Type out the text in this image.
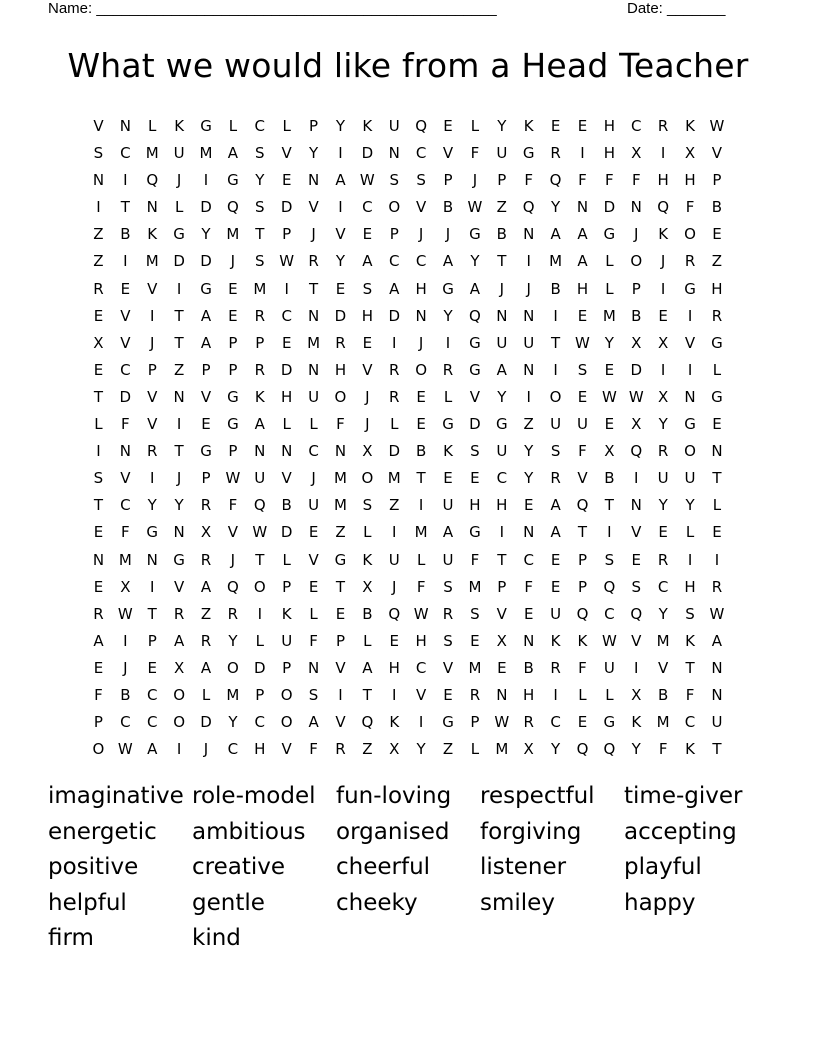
Name: ________________________________________________	Date: _______
What we would like from a Head Teacher
V	N	L	K	G	L	C	L	P	Y	K	U	Q	E	L	Y	K	E	E	H	C	R	K W
S	C	M U M	A	S	V	Y	I	D	N	C	V	F	U	G	R	I	H	X	I	X	V
N	I	Q	J	I	G	Y	E	N	A W S	S	P	J	P	F	Q	F	F	F	H	H	P
I	T	N	L	D	Q	S	D	V	I	C	O	V	B W Z	Q	Y	N	D	N	Q	F	B
Z	B	K	G	Y	M	T	P	J	V	E	P	J	J	G	B	N	A	A	G	J	K	O	E
Z	I	M D	D	J	S W R	Y	A	C	C	A	Y	T	I	M	A	L	O	J	R	Z
R	E	V	I	G	E	M	I	T	E	S	A	H	G	A	J	J	B	H	L	P	I	G	H
E	V	I	T	A	E	R	C	N	D	H	D	N	Y	Q	N	N	I	E	M	B	E	I	R
X	V	J	T	A	P	P	E	M	R	E	I	J	I	G	U	U	T W Y	X	X	V	G
E	C	P	Z	P	P	R	D	N	H	V	R	O	R	G	A	N	I	S	E	D	I	I	L
T	D	V	N	V	G	K	H	U	O	J	R	E	L	V	Y	I	O	E W W X	N	G
L	F	V	I	E	G	A	L	L	F	J	L	E	G	D	G	Z	U	U	E	X	Y	G	E
I	N	R	T	G	P	N	N	C	N	X	D	B	K	S	U	Y	S	F	X	Q	R	O	N
S	V	I	J	P W U	V	J	M O M	T	E	E	C	Y	R	V	B	I	U	U	T
T	C	Y	Y	R	F	Q	B	U M	S	Z	I	U	H	H	E	A	Q	T	N	Y	Y	L
E	F	G	N	X	V W D	E	Z	L	I	M	A	G	I	N	A	T	I	V	E	L	E
N M N	G	R	J	T	L	V	G	K	U	L	U	F	T	C	E	P	S	E	R	I	I
E	X	I	V	A	Q	O	P	E	T	X	J	F	S	M	P	F	E	P	Q	S	C	H	R
R W T	R	Z	R	I	K	L	E	B	Q W R	S	V	E	U	Q	C	Q	Y	S W
A	I	P	A	R	Y	L	U	F	P	L	E	H	S	E	X	N	K	K W V	M	K	A
E	J	E	X	A	O	D	P	N	V	A	H	C	V	M	E	B	R	F	U	I	V	T	N
F	B	C	O	L	M	P	O	S	I	T	I	V	E	R	N	H	I	L	L	X	B	F	N
P	C	C	O	D	Y	C	O	A	V	Q	K	I	G	P W R	C	E	G	K	M	C	U
O W A	I	J	C	H	V	F	R	Z	X	Y	Z	L	M	X	Y	Q	Q	Y	F	K	T
imaginative role-model fun-loving	respectful	time-giver
energetic	ambitious	organised	forgiving	accepting
positive	creative	cheerful	listener	playful
helpful	gentle	cheeky	smiley	happy
firm	kind
